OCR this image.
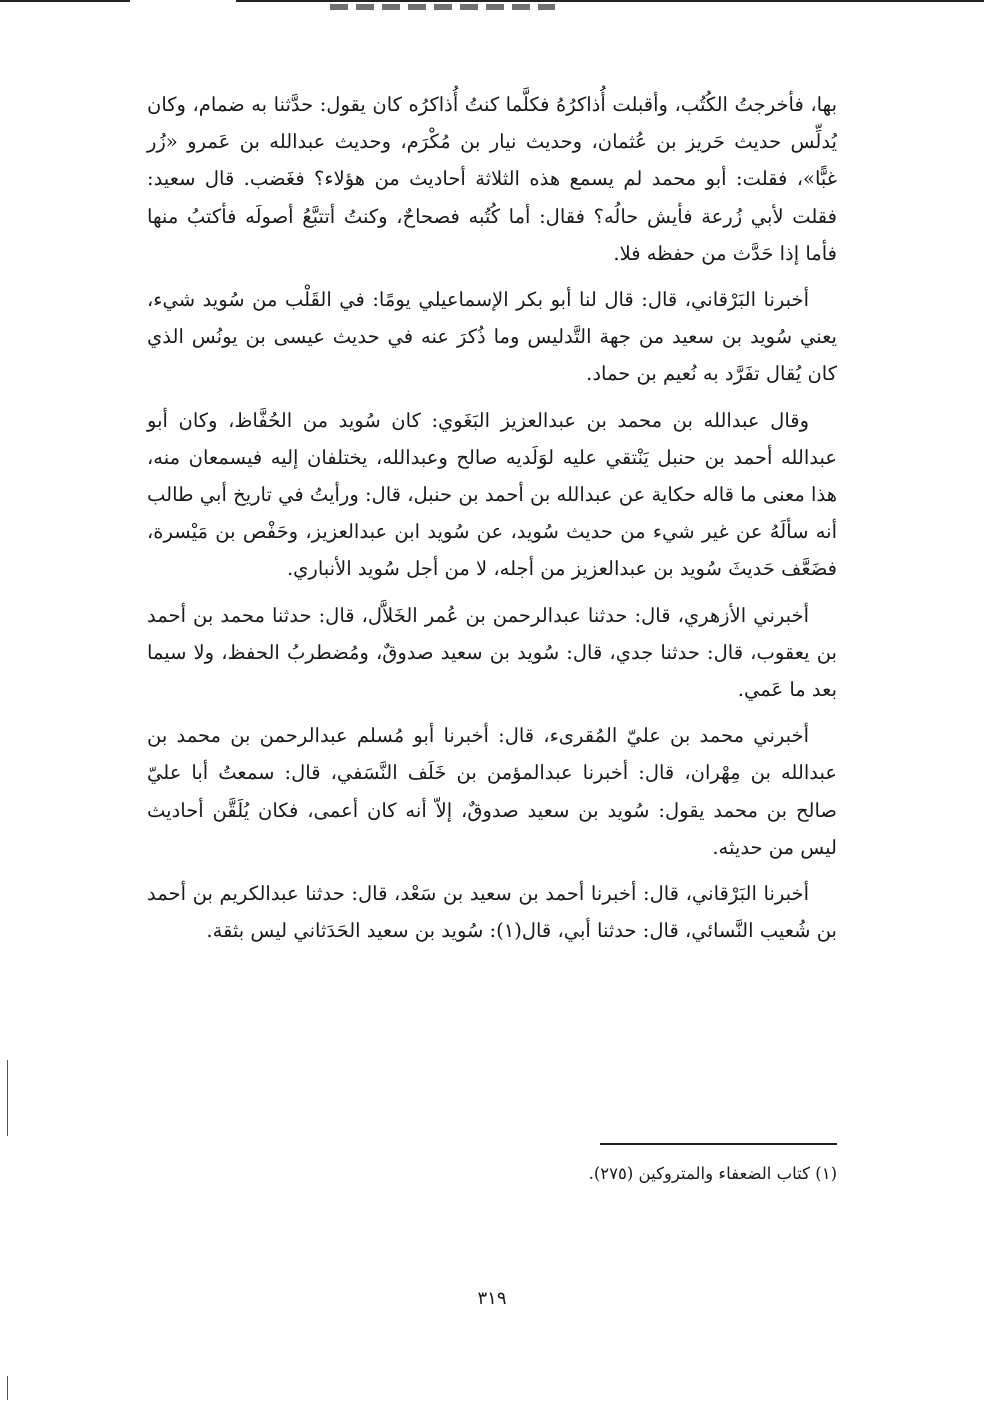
بها، فأخرجتُ الكُتُب، وأقبلت أُذاكرُهُ فكلَّما كنتُ أُذاكرُه كان يقول: حدَّثنا به ضمام، وكان يُدلِّس حديث حَريز بن عُثمان، وحديث نيار بن مُكْرَم، وحديث عبدالله بن عَمرو «زُر غبًّا»، فقلت: أبو محمد لم يسمع هذه الثلاثة أحاديث من هؤلاء؟ فغَضب. قال سعيد: فقلت لأبي زُرعة فأيش حالُه؟ فقال: أما كُتُبه فصحاحٌ، وكنتُ أتتبَّعُ أصولَه فأكتبُ منها فأما إذا حَدَّث من حفظه فلا.

أخبرنا البَرْقاني، قال: قال لنا أبو بكر الإسماعيلي يومًا: في القَلْب من سُويد شيء، يعني سُويد بن سعيد من جهة التَّدليس وما ذُكرَ عنه في حديث عيسى بن يونُس الذي كان يُقال تفَرَّد به نُعيم بن حماد.

وقال عبدالله بن محمد بن عبدالعزيز البَغَوي: كان سُويد من الحُفَّاظ، وكان أبو عبدالله أحمد بن حنبل يَنْتقي عليه لوَلَديه صالح وعبدالله، يختلفان إليه فيسمعان منه، هذا معنى ما قاله حكاية عن عبدالله بن أحمد بن حنبل، قال: ورأيتُ في تاريخ أبي طالب أنه سألَهُ عن غير شيء من حديث سُويد، عن سُويد ابن عبدالعزيز، وحَفْص بن مَيْسرة، فضَعَّف حَديثَ سُويد بن عبدالعزيز من أجله، لا من أجل سُويد الأنباري.

أخبرني الأزهري، قال: حدثنا عبدالرحمن بن عُمر الخَلاَّل، قال: حدثنا محمد بن أحمد بن يعقوب، قال: حدثنا جدي، قال: سُويد بن سعيد صدوقٌ، ومُضطربُ الحفظ، ولا سيما بعد ما عَمي.

أخبرني محمد بن عليّ المُقرىء، قال: أخبرنا أبو مُسلم عبدالرحمن بن محمد بن عبدالله بن مِهْران، قال: أخبرنا عبدالمؤمن بن خَلَف النَّسَفي، قال: سمعتُ أبا عليّ صالح بن محمد يقول: سُويد بن سعيد صدوقٌ، إلاّ أنه كان أعمى، فكان يُلَقَّن أحاديث ليس من حديثه.

أخبرنا البَرْقاني، قال: أخبرنا أحمد بن سعيد بن سَعْد، قال: حدثنا عبدالكريم بن أحمد بن شُعيب النَّسائي، قال: حدثنا أبي، قال(١): سُويد بن سعيد الحَدَثاني ليس بثقة.

(١) كتاب الضعفاء والمتروكين (٢٧٥).
٣١٩
